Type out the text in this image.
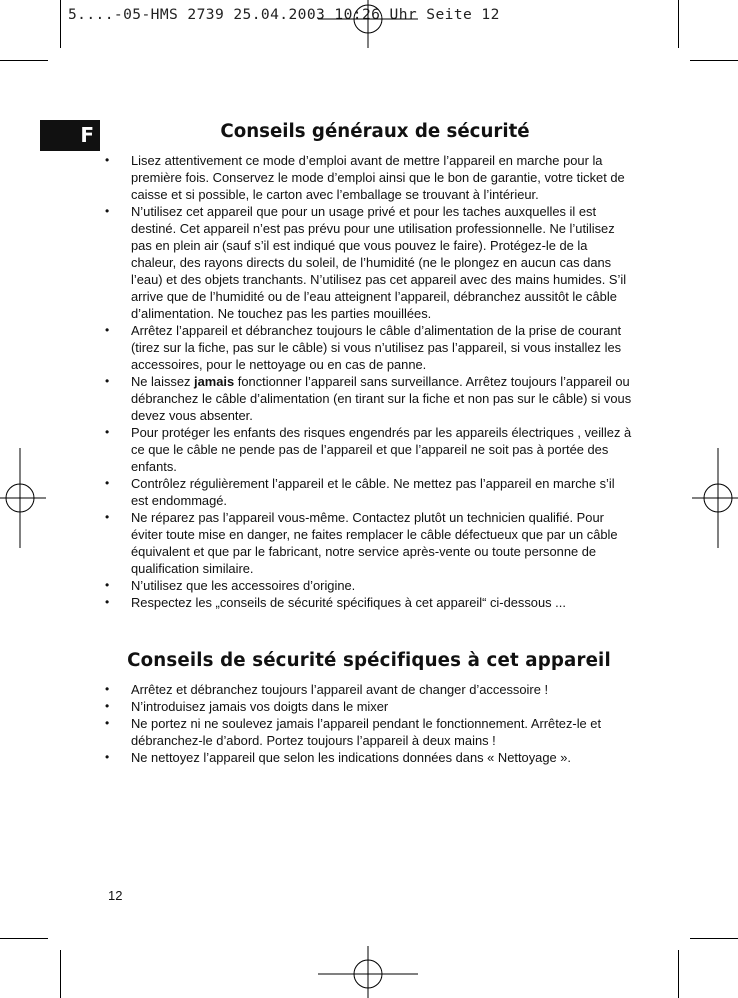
5....-05-HMS 2739 25.04.2003 10:26 Uhr Seite 12
F	Conseils généraux de sécurité
•	Lisez attentivement ce mode d’emploi avant de mettre l’appareil en marche pour la première fois. Conservez le mode d’emploi ainsi que le bon de garantie, votre ticket de caisse et si possible, le carton avec l’emballage se trouvant à l’intérieur.
•	N’utilisez cet appareil que pour un usage privé et pour les taches auxquelles il est destiné. Cet appareil n’est pas prévu pour une utilisation professionnelle. Ne l’utilisez pas en plein air (sauf s’il est indiqué que vous pouvez le faire). Protégez-le de la chaleur, des rayons directs du soleil, de l’humidité (ne le plongez en aucun cas dans l’eau) et des objets tranchants. N’utilisez pas cet appareil avec des mains humides. S’il arrive que de l’humidité ou de l’eau atteignent l’appareil, débranchez aussitôt le câble d’alimentation. Ne touchez pas les parties mouillées.
•	Arrêtez l’appareil et débranchez toujours le câble d’alimentation de la prise de courant (tirez sur la fiche, pas sur le câble) si vous n’utilisez pas l’appareil, si vous installez les accessoires, pour le nettoyage ou en cas de panne.
•	Ne laissez jamais fonctionner l’appareil sans surveillance. Arrêtez toujours l’appareil ou débranchez le câble d’alimentation (en tirant sur la fiche et non pas sur le câble) si vous devez vous absenter.
•	Pour protéger les enfants des risques engendrés par les appareils électriques , veillez à ce que le câble ne pende pas de l’appareil et que l’appareil ne soit pas à portée des enfants.
•	Contrôlez régulièrement l’appareil et le câble. Ne mettez pas l’appareil en marche s’il est endommagé.
•	Ne réparez pas l’appareil vous-même. Contactez plutôt un technicien qualifié. Pour éviter toute mise en danger, ne faites remplacer le câble défectueux que par un câble équivalent et que par le fabricant, notre service après-vente ou toute personne de qualification similaire.
•	N’utilisez que les accessoires d’origine.
•	Respectez les „conseils de sécurité spécifiques à cet appareil“ ci-dessous ...
Conseils de sécurité spécifiques à cet appareil
•	Arrêtez et débranchez toujours l’appareil avant de changer d’accessoire !
•	N’introduisez jamais vos doigts dans le mixer
•	Ne portez ni ne soulevez jamais l’appareil pendant le fonctionnement. Arrêtez-le et débranchez-le d’abord. Portez toujours l’appareil à deux mains !
•	Ne nettoyez l’appareil que selon les indications données dans « Nettoyage ».
12
